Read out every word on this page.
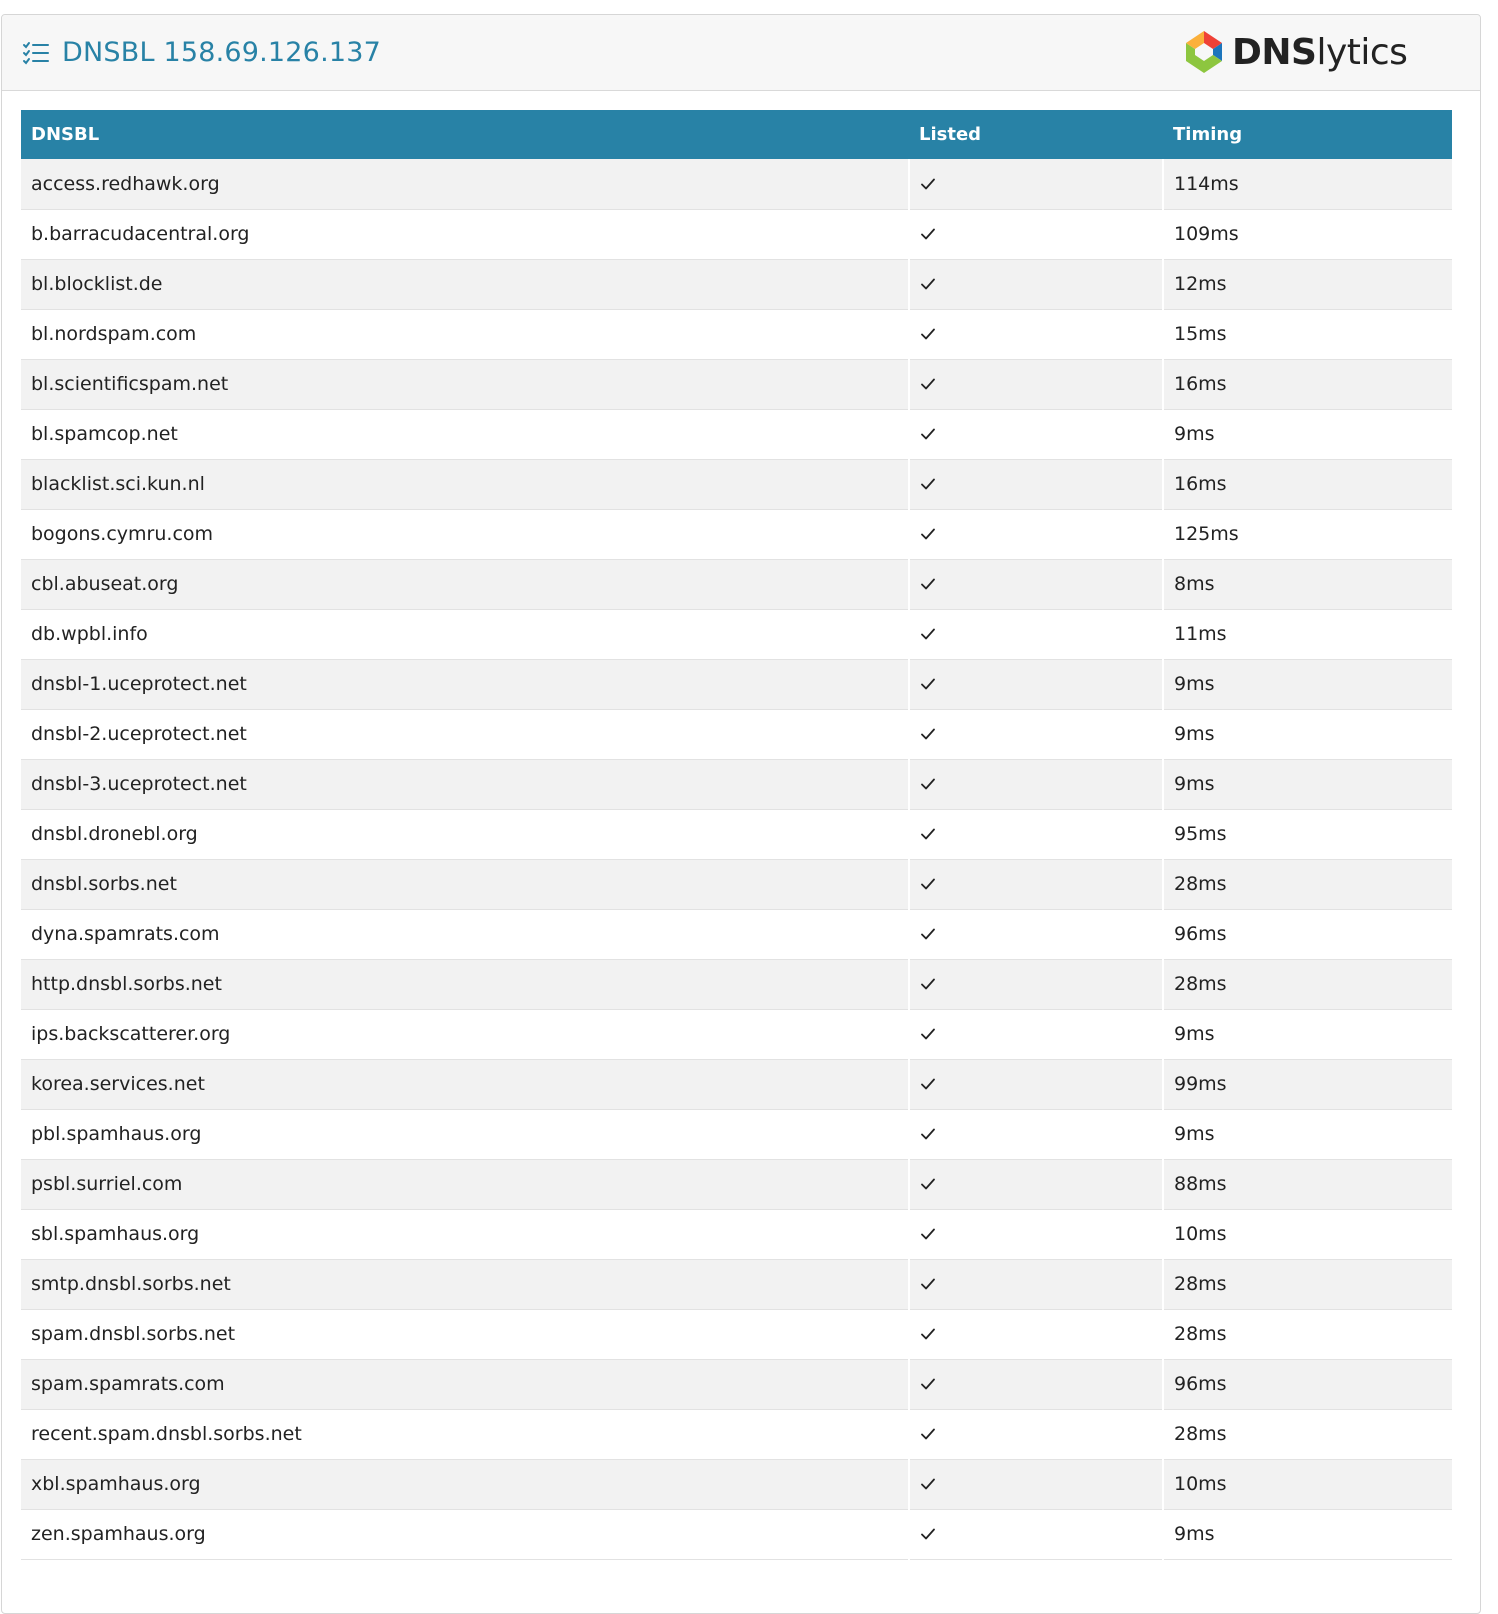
DNSBL 158.69.126.137	DNSlytics
DNSBL	Listed	Timing
access.redhawk.org		114ms
b.barracudacentral.org		109ms
bl.blocklist.de		12ms
bl.nordspam.com		15ms
bl.scientificspam.net		16ms
bl.spamcop.net		9ms
blacklist.sci.kun.nl		16ms
bogons.cymru.com		125ms
cbl.abuseat.org		8ms
db.wpbl.info		11ms
dnsbl-1.uceprotect.net		9ms
dnsbl-2.uceprotect.net		9ms
dnsbl-3.uceprotect.net		9ms
dnsbl.dronebl.org		95ms
dnsbl.sorbs.net		28ms
dyna.spamrats.com		96ms
http.dnsbl.sorbs.net		28ms
ips.backscatterer.org		9ms
korea.services.net		99ms
pbl.spamhaus.org		9ms
psbl.surriel.com		88ms
sbl.spamhaus.org		10ms
smtp.dnsbl.sorbs.net		28ms
spam.dnsbl.sorbs.net		28ms
spam.spamrats.com		96ms
recent.spam.dnsbl.sorbs.net		28ms
xbl.spamhaus.org		10ms
zen.spamhaus.org		9ms
